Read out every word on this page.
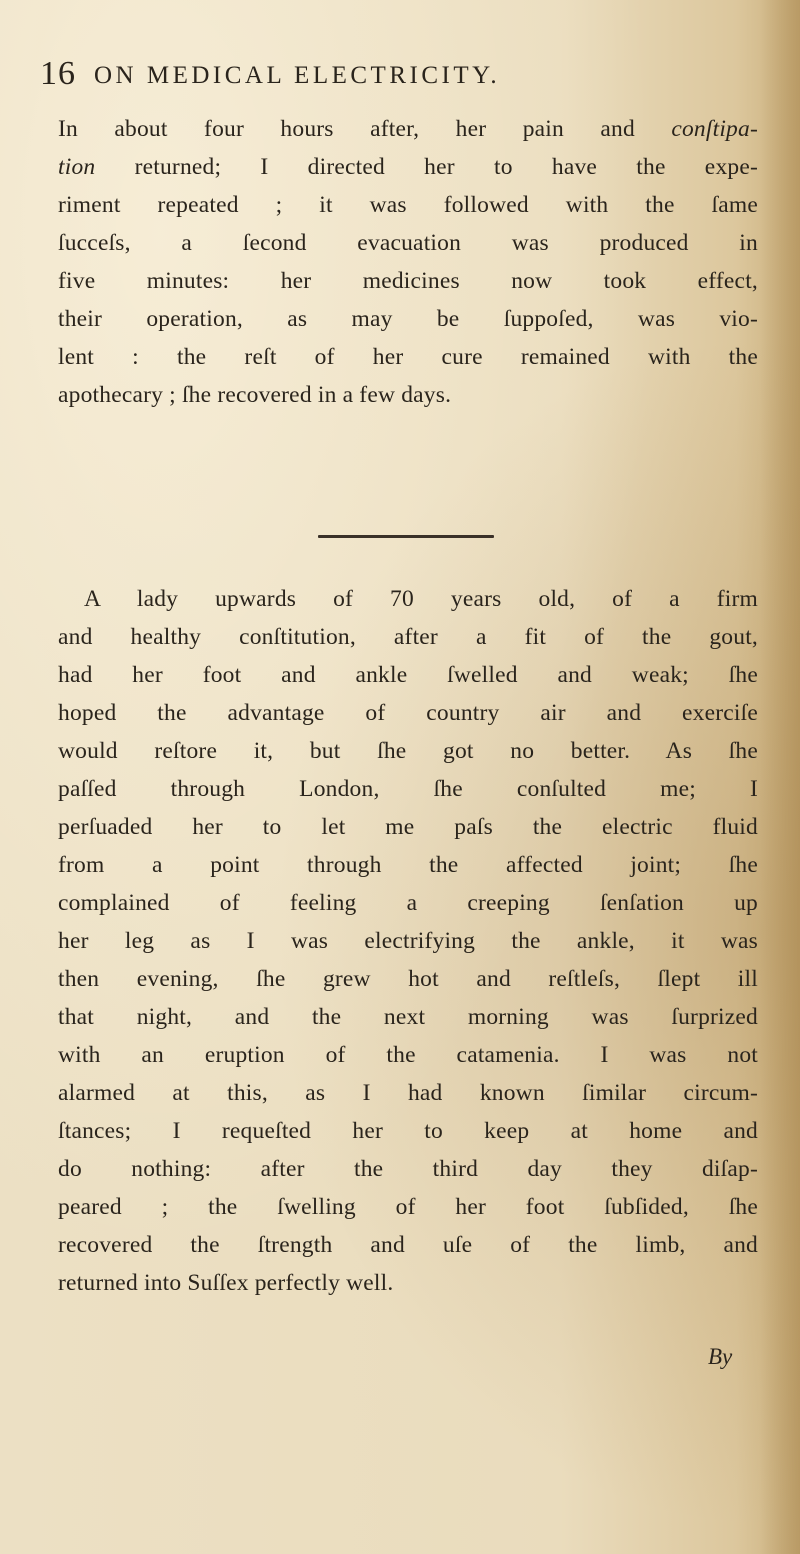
16 ON MEDICAL ELECTRICITY.
In about four hours after, her pain and conſtipa-
tion returned; I directed her to have the expe-
riment repeated ; it was followed with the ſame
ſucceſs, a ſecond evacuation was produced in
five minutes: her medicines now took effect,
their operation, as may be ſuppoſed, was vio-
lent : the reſt of her cure remained with the
apothecary ; ſhe recovered in a few days.
A lady upwards of 70 years old, of a firm
and healthy conſtitution, after a fit of the gout,
had her foot and ankle ſwelled and weak; ſhe
hoped the advantage of country air and exerciſe
would reſtore it, but ſhe got no better. As ſhe
paſſed through London, ſhe conſulted me; I
perſuaded her to let me paſs the electric fluid
from a point through the affected joint; ſhe
complained of feeling a creeping ſenſation up
her leg as I was electrifying the ankle, it was
then evening, ſhe grew hot and reſtleſs, ſlept ill
that night, and the next morning was ſurprized
with an eruption of the catamenia. I was not
alarmed at this, as I had known ſimilar circum-
ſtances; I requeſted her to keep at home and
do nothing: after the third day they diſap-
peared ; the ſwelling of her foot ſubſided, ſhe
recovered the ſtrength and uſe of the limb, and
returned into Suſſex perfectly well.
By
